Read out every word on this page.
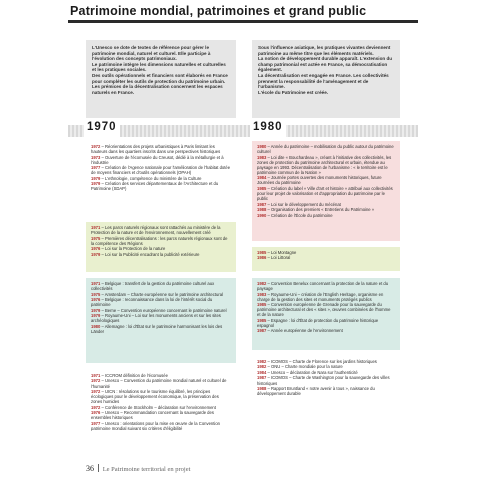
Patrimoine mondial, patrimoines et grand public

L'Unesco se dote de textes de référence pour gérer le patrimoine mondial, naturel et culturel. Elle participe à l'évolution des concepts patrimoniaux.

Le patrimoine intègre les dimensions naturelles et culturelles et les pratiques sociales.

Des outils opérationnels et financiers sont élaborés en France pour compléter les outils de protection du patrimoine urbain.

Les prémices de la décentralisation concernent les espaces naturels en France.

Sous l'influence asiatique, les pratiques vivantes deviennent patrimoine au même titre que les éléments matériels.

La notion de développement durable apparaît. L'extension du champ patrimonial est actée en France, sa démocratisation également.

La décentralisation est engagée en France. Les collectivités prennent la responsabilité de l'aménagement et de l'urbanisme.

L'école du Patrimoine est créée.

1970	1980
1972 – Réorientations des projets urbanistiques à Paris limitant les hauteurs dans les quartiers inscrits dans une perspectives historiques
1973 – Ouverture de l'écomusée du Creusot, dédié à la métallurgie et à l'industrie
1977 – Création de l'Agence nationale pour l'amélioration de l'habitat dotée de moyens financiers et d'outils opérationnels (OPAH)
1979 – L'ethnologie, compétence du ministère de la Culture
1979 – Création des services départementaux de l'Architecture et du Patrimoine (SDAP)
1971 – Les parcs naturels régionaux sont rattachés au ministère de la Protection de la nature et de l'environnement, nouvellement créé
1975 – Premières décentralisations : les parcs naturels régionaux sont de la compétence des Régions
1976 – Loi sur la Protection de la nature
1979 – Loi sur la Publicité encadrant la publicité extérieure
1971 – Belgique : transfert de la gestion du patrimoine culturel aux collectivités
1975 – Amsterdam – Charte européenne sur le patrimoine architectural
1976 – Belgique : reconnaissance dans la loi de l'intérêt social du patrimoine
1979 – Berne – Convention européenne concernant le patrimoine naturel
1979 – Royaume-Uni – Loi sur les monuments anciens et sur les sites archéologiques
1980 – Allemagne : loi d'État sur le patrimoine harmonisant les lois des Länder
1971 – ICCROM définition de l'écomusée
1972 – Unesco – Convention du patrimoine mondial naturel et culturel de l'humanité
1972 – UICN : résolutions sur le tourisme équilibré, les principes écologiques pour le développement économique, la préservation des zones humides
1972 – Conférence de Stockholm – déclaration sur l'environnement
1976 – Unesco – Recommandation concernant la sauvegarde des ensembles historiques
1977 – Unesco : orientations pour la mise en œuvre de la Convention patrimoine mondial suivant six critères d'éligibilité
1980 – Année du patrimoine – mobilisation du public autour du patrimoine culturel
1983 – Loi dite « Bouchardeau », créant à l'initiative des collectivités, les zones de protection du patrimoine architectural et urbain, étendue au paysage en 1993. Décentralisation de l'urbanisme : « le territoire est le patrimoine commun de la Nation »
1984 – Journée portes ouvertes des monuments historiques, future Journées du patrimoine
1985 – Création du label « Ville d'art et histoire » attribué aux collectivités pour leur projet de valorisation et d'appropriation du patrimoine par le public
1987 – Loi sur le développement du mécénat
1988 – Organisation des premiers « Entretiens du Patrimoine »
1990 – Création de l'École du patrimoine
1985 – Loi Montagne
1986 – Loi Littoral
1982 – Convention Benelux concernant la protection de la nature et du paysage
1983 – Royaume-Uni – création de l'English Heritage, organisme en charge de la gestion des sites et monuments protégés publics
1985 – Convention européenne de Grenade pour la sauvegarde du patrimoine architectural et des « sites », œuvres combinées de l'homme et de la nature
1985 – Espagne : loi d'État de protection du patrimoine historique espagnol
1987 – Année européenne de l'environnement
1982 – ICOMOS – Charte de Florence sur les jardins historiques
1982 – ONU – Charte mondiale pour la nature
1984 – Unesco – déclaration de Nara sur l'authenticité
1987 – ICOMOS – Charte de Washington pour la sauvegarde des villes historiques
1988 – Rapport Bruntland « notre avenir à tous », naissance du développement durable
36 Le Patrimoine territorial en projet
